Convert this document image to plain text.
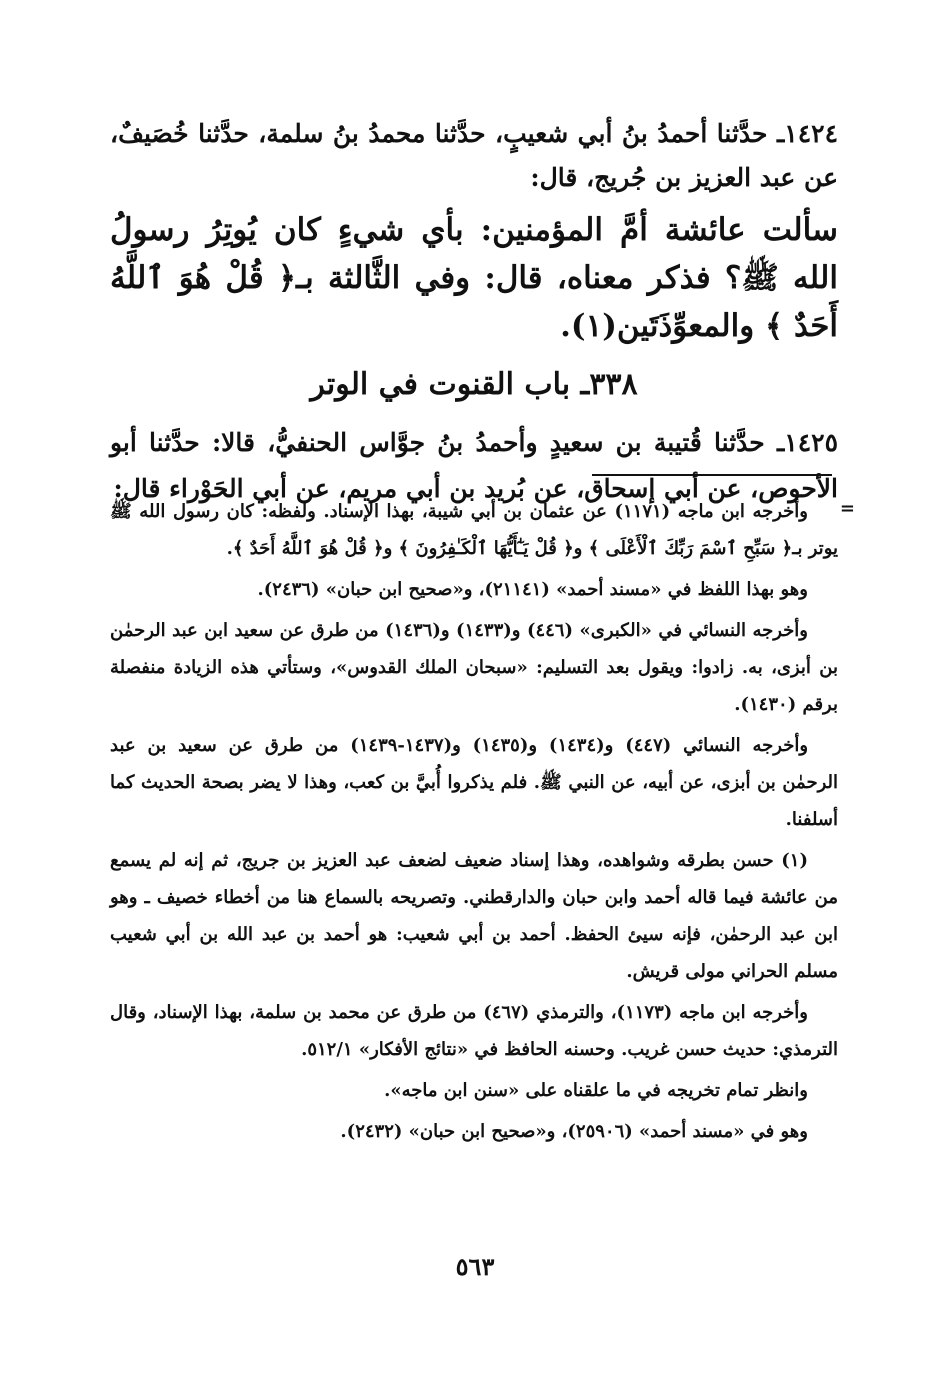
١٤٢٤ـ حدَّثنا أحمدُ بنُ أبي شعيبٍ، حدَّثنا محمدُ بنُ سلمة، حدَّثنا خُصَيفٌ، عن عبد العزيز بن جُريج، قال:

سألت عائشة أمَّ المؤمنين: بأي شيءٍ كان يُوتِرُ رسولُ الله ﷺ؟ فذكر معناه، قال: وفي الثَّالثة بـ﴿ قُلْ هُوَ ٱللَّهُ أَحَدٌ ﴾ والمعوِّذَتَين(١).

٣٣٨ـ باب القنوت في الوتر

١٤٢٥ـ حدَّثنا قُتيبة بن سعيدٍ وأحمدُ بنُ جوَّاس الحنفيُّ، قالا: حدَّثنا أبو الأحوص، عن أبي إسحاق، عن بُريد بن أبي مريم، عن أبي الحَوْراء قال:

=

وأخرجه ابن ماجه (١١٧١) عن عثمان بن أبي شيبة، بهذا الإسناد. ولفظه: كان رسول الله ﷺ يوتر بـ﴿ سَبِّحِ ٱسْمَ رَبِّكَ ٱلْأَعْلَى ﴾ و﴿ قُلْ يَـٰٓأَيُّهَا ٱلْكَـٰفِرُونَ ﴾ و﴿ قُلْ هُوَ ٱللَّهُ أَحَدٌ ﴾.

وهو بهذا اللفظ في «مسند أحمد» (٢١١٤١)، و«صحيح ابن حبان» (٢٤٣٦).

وأخرجه النسائي في «الكبرى» (٤٤٦) و(١٤٣٣) و(١٤٣٦) من طرق عن سعيد ابن عبد الرحمٰن بن أبزى، به. زادوا: ويقول بعد التسليم: «سبحان الملك القدوس»، وستأتي هذه الزيادة منفصلة برقم (١٤٣٠).

وأخرجه النسائي (٤٤٧) و(١٤٣٤) و(١٤٣٥) و(١٤٣٧-١٤٣٩) من طرق عن سعيد بن عبد الرحمٰن بن أبزى، عن أبيه، عن النبي ﷺ. فلم يذكروا أُبيَّ بن كعب، وهذا لا يضر بصحة الحديث كما أسلفنا.

(١) حسن بطرقه وشواهده، وهذا إسناد ضعيف لضعف عبد العزيز بن جريج، ثم إنه لم يسمع من عائشة فيما قاله أحمد وابن حبان والدارقطني. وتصريحه بالسماع هنا من أخطاء خصيف ـ وهو ابن عبد الرحمٰن، فإنه سيئ الحفظ. أحمد بن أبي شعيب: هو أحمد بن عبد الله بن أبي شعيب مسلم الحراني مولى قريش.

وأخرجه ابن ماجه (١١٧٣)، والترمذي (٤٦٧) من طرق عن محمد بن سلمة، بهذا الإسناد، وقال الترمذي: حديث حسن غريب. وحسنه الحافظ في «نتائج الأفكار» ٥١٢/١.

وانظر تمام تخريجه في ما علقناه على «سنن ابن ماجه».

وهو في «مسند أحمد» (٢٥٩٠٦)، و«صحيح ابن حبان» (٢٤٣٢).

٥٦٣
